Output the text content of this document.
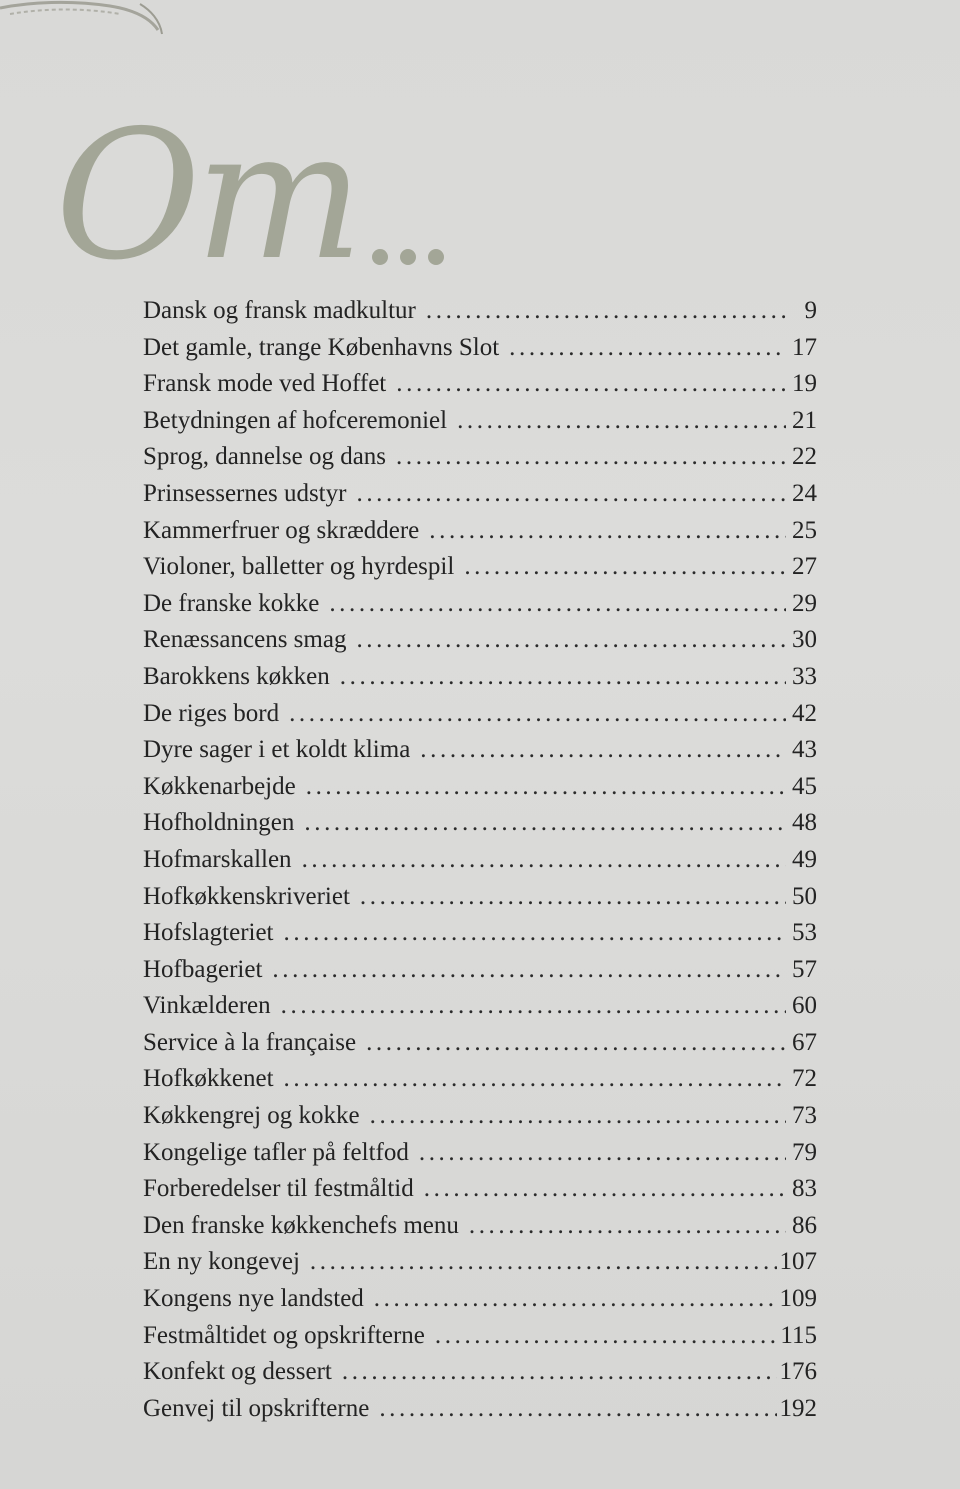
Om
Dansk og fransk madkultur .....	9
Det gamle, trange Københavns Slot .....	17
Fransk mode ved Hoffet .....	19
Betydningen af hofceremoniel .....	21
Sprog, dannelse og dans .....	22
Prinsessernes udstyr .....	24
Kammerfruer og skræddere .....	25
Violoner, balletter og hyrdespil .....	27
De franske kokke .....	29
Renæssancens smag .....	30
Barokkens køkken .....	33
De riges bord .....	42
Dyre sager i et koldt klima .....	43
Køkkenarbejde .....	45
Hofholdningen .....	48
Hofmarskallen .....	49
Hofkøkkenskriveriet .....	50
Hofslagteriet .....	53
Hofbageriet .....	57
Vinkælderen .....	60
Service à la française .....	67
Hofkøkkenet .....	72
Køkkengrej og kokke .....	73
Kongelige tafler på feltfod .....	79
Forberedelser til festmåltid .....	83
Den franske køkkenchefs menu .....	86
En ny kongevej .....	107
Kongens nye landsted .....	109
Festmåltidet og opskrifterne .....	115
Konfekt og dessert .....	176
Genvej til opskrifterne .....	192
